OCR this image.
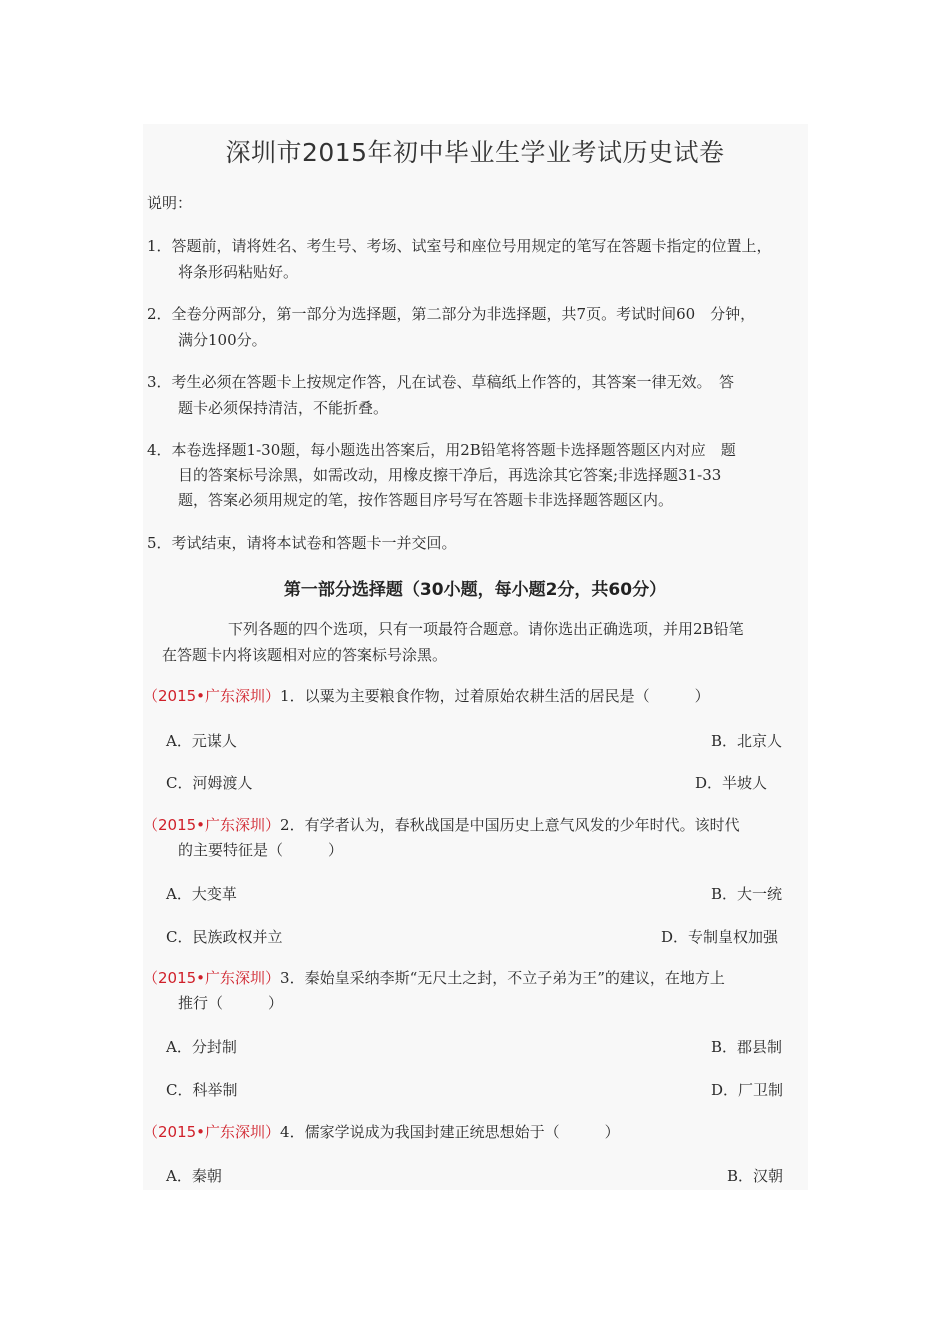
深圳市2015年初中毕业生学业考试历史试卷
说明：
1．答题前，请将姓名、考生号、考场、试室号和座位号用规定的笔写在答题卡指定的位置上，
将条形码粘贴好。
2．全卷分两部分，第一部分为选择题，第二部分为非选择题，共7页。考试时间60　分钟，
满分100分。
3．考生必须在答题卡上按规定作答，凡在试卷、草稿纸上作答的，其答案一律无效。　答
题卡必须保持清洁，不能折叠。
4．本卷选择题1-30题，每小题选出答案后，用2B铅笔将答题卡选择题答题区内对应　题
目的答案标号涂黑，如需改动，用橡皮擦干净后，再选涂其它答案;非选择题31-33
题，答案必须用规定的笔，按作答题目序号写在答题卡非选择题答题区内。
5．考试结束，请将本试卷和答题卡一并交回。
第一部分选择题（30小题，每小题2分，共60分）
下列各题的四个选项，只有一项最符合题意。请你选出正确选项，并用2B铅笔
在答题卡内将该题相对应的答案标号涂黑。
（2015•广东深圳）1．以粟为主要粮食作物，过着原始农耕生活的居民是（　　　）
A．元谋人	B．北京人
C．河姆渡人	D．半坡人
（2015•广东深圳）2．有学者认为，春秋战国是中国历史上意气风发的少年时代。该时代
的主要特征是（　　　）
A．大变革	B．大一统
C．民族政权并立	D．专制皇权加强
（2015•广东深圳）3．秦始皇采纳李斯“无尺土之封，不立子弟为王”的建议，在地方上
推行（　　　）
A．分封制	B．郡县制
C．科举制	D．厂卫制
（2015•广东深圳）4．儒家学说成为我国封建正统思想始于（　　　）
A．秦朝	B．汉朝
